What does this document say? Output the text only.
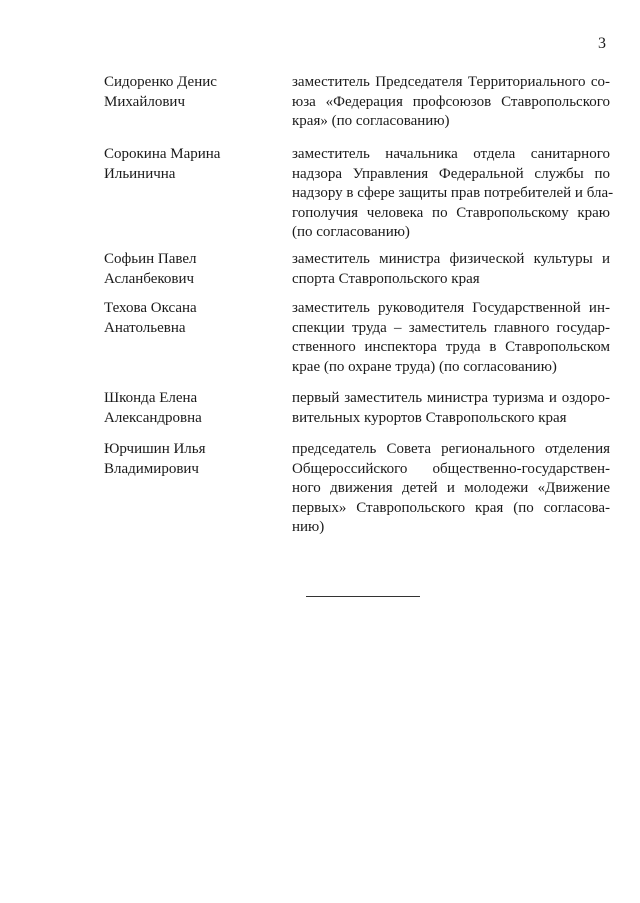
3
Сидоренко Денис
Михайлович
заместитель Председателя Территориального со-
юза «Федерация профсоюзов Ставропольского
края» (по согласованию)
Сорокина Марина
Ильинична
заместитель начальника отдела санитарного
надзора Управления Федеральной службы по
надзору в сфере защиты прав потребителей и бла-
гополучия человека по Ставропольскому краю
(по согласованию)
Софьин Павел
Асланбекович
заместитель министра физической культуры и
спорта Ставропольского края
Техова Оксана
Анатольевна
заместитель руководителя Государственной ин-
спекции труда – заместитель главного государ-
ственного инспектора труда в Ставропольском
крае (по охране труда) (по согласованию)
Шконда Елена
Александровна
первый заместитель министра туризма и оздоро-
вительных курортов Ставропольского края
Юрчишин Илья
Владимирович
председатель Совета регионального отделения
Общероссийского общественно-государствен-
ного движения детей и молодежи «Движение
первых» Ставропольского края (по согласова-
нию)
